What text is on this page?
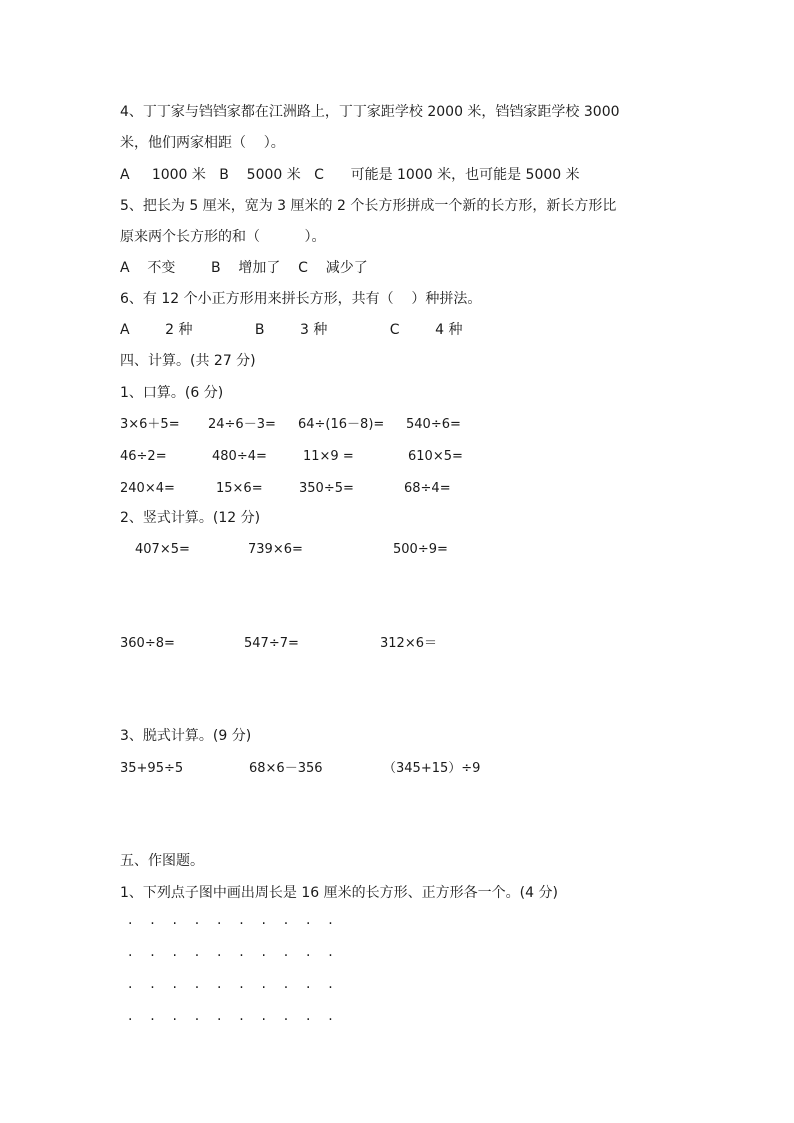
4、丁丁家与铛铛家都在江洲路上，丁丁家距学校 2000 米，铛铛家距学校 3000
米，他们两家相距（    ）。
A     1000 米   B    5000 米   C      可能是 1000 米，也可能是 5000 米
5、把长为 5 厘米，宽为 3 厘米的 2 个长方形拼成一个新的长方形，新长方形比
原来两个长方形的和（          ）。
A    不变        B    增加了    C    减少了
6、有 12 个小正方形用来拼长方形，共有（    ）种拼法。
A        2 种              B        3 种              C        4 种
四、计算。(共 27 分)
1、口算。(6 分)
3×6＋5= 24÷6－3= 64÷(16－8)= 540÷6=
46÷2=	480÷4=	11×9 =	610×5=
240×4=	15×6=	350÷5=	68÷4=
2、竖式计算。(12 分)
407×5=	739×6=	500÷9=
360÷8=	547÷7=	312×6＝
3、脱式计算。(9 分)
35+95÷5	68×6－356	（345+15）÷9
五、作图题。
1、下列点子图中画出周长是 16 厘米的长方形、正方形各一个。(4 分)
.    .    .    .    .    .    .    .    .    .
.    .    .    .    .    .    .    .    .    .
.    .    .    .    .    .    .    .    .    .
.    .    .    .    .    .    .    .    .    .
